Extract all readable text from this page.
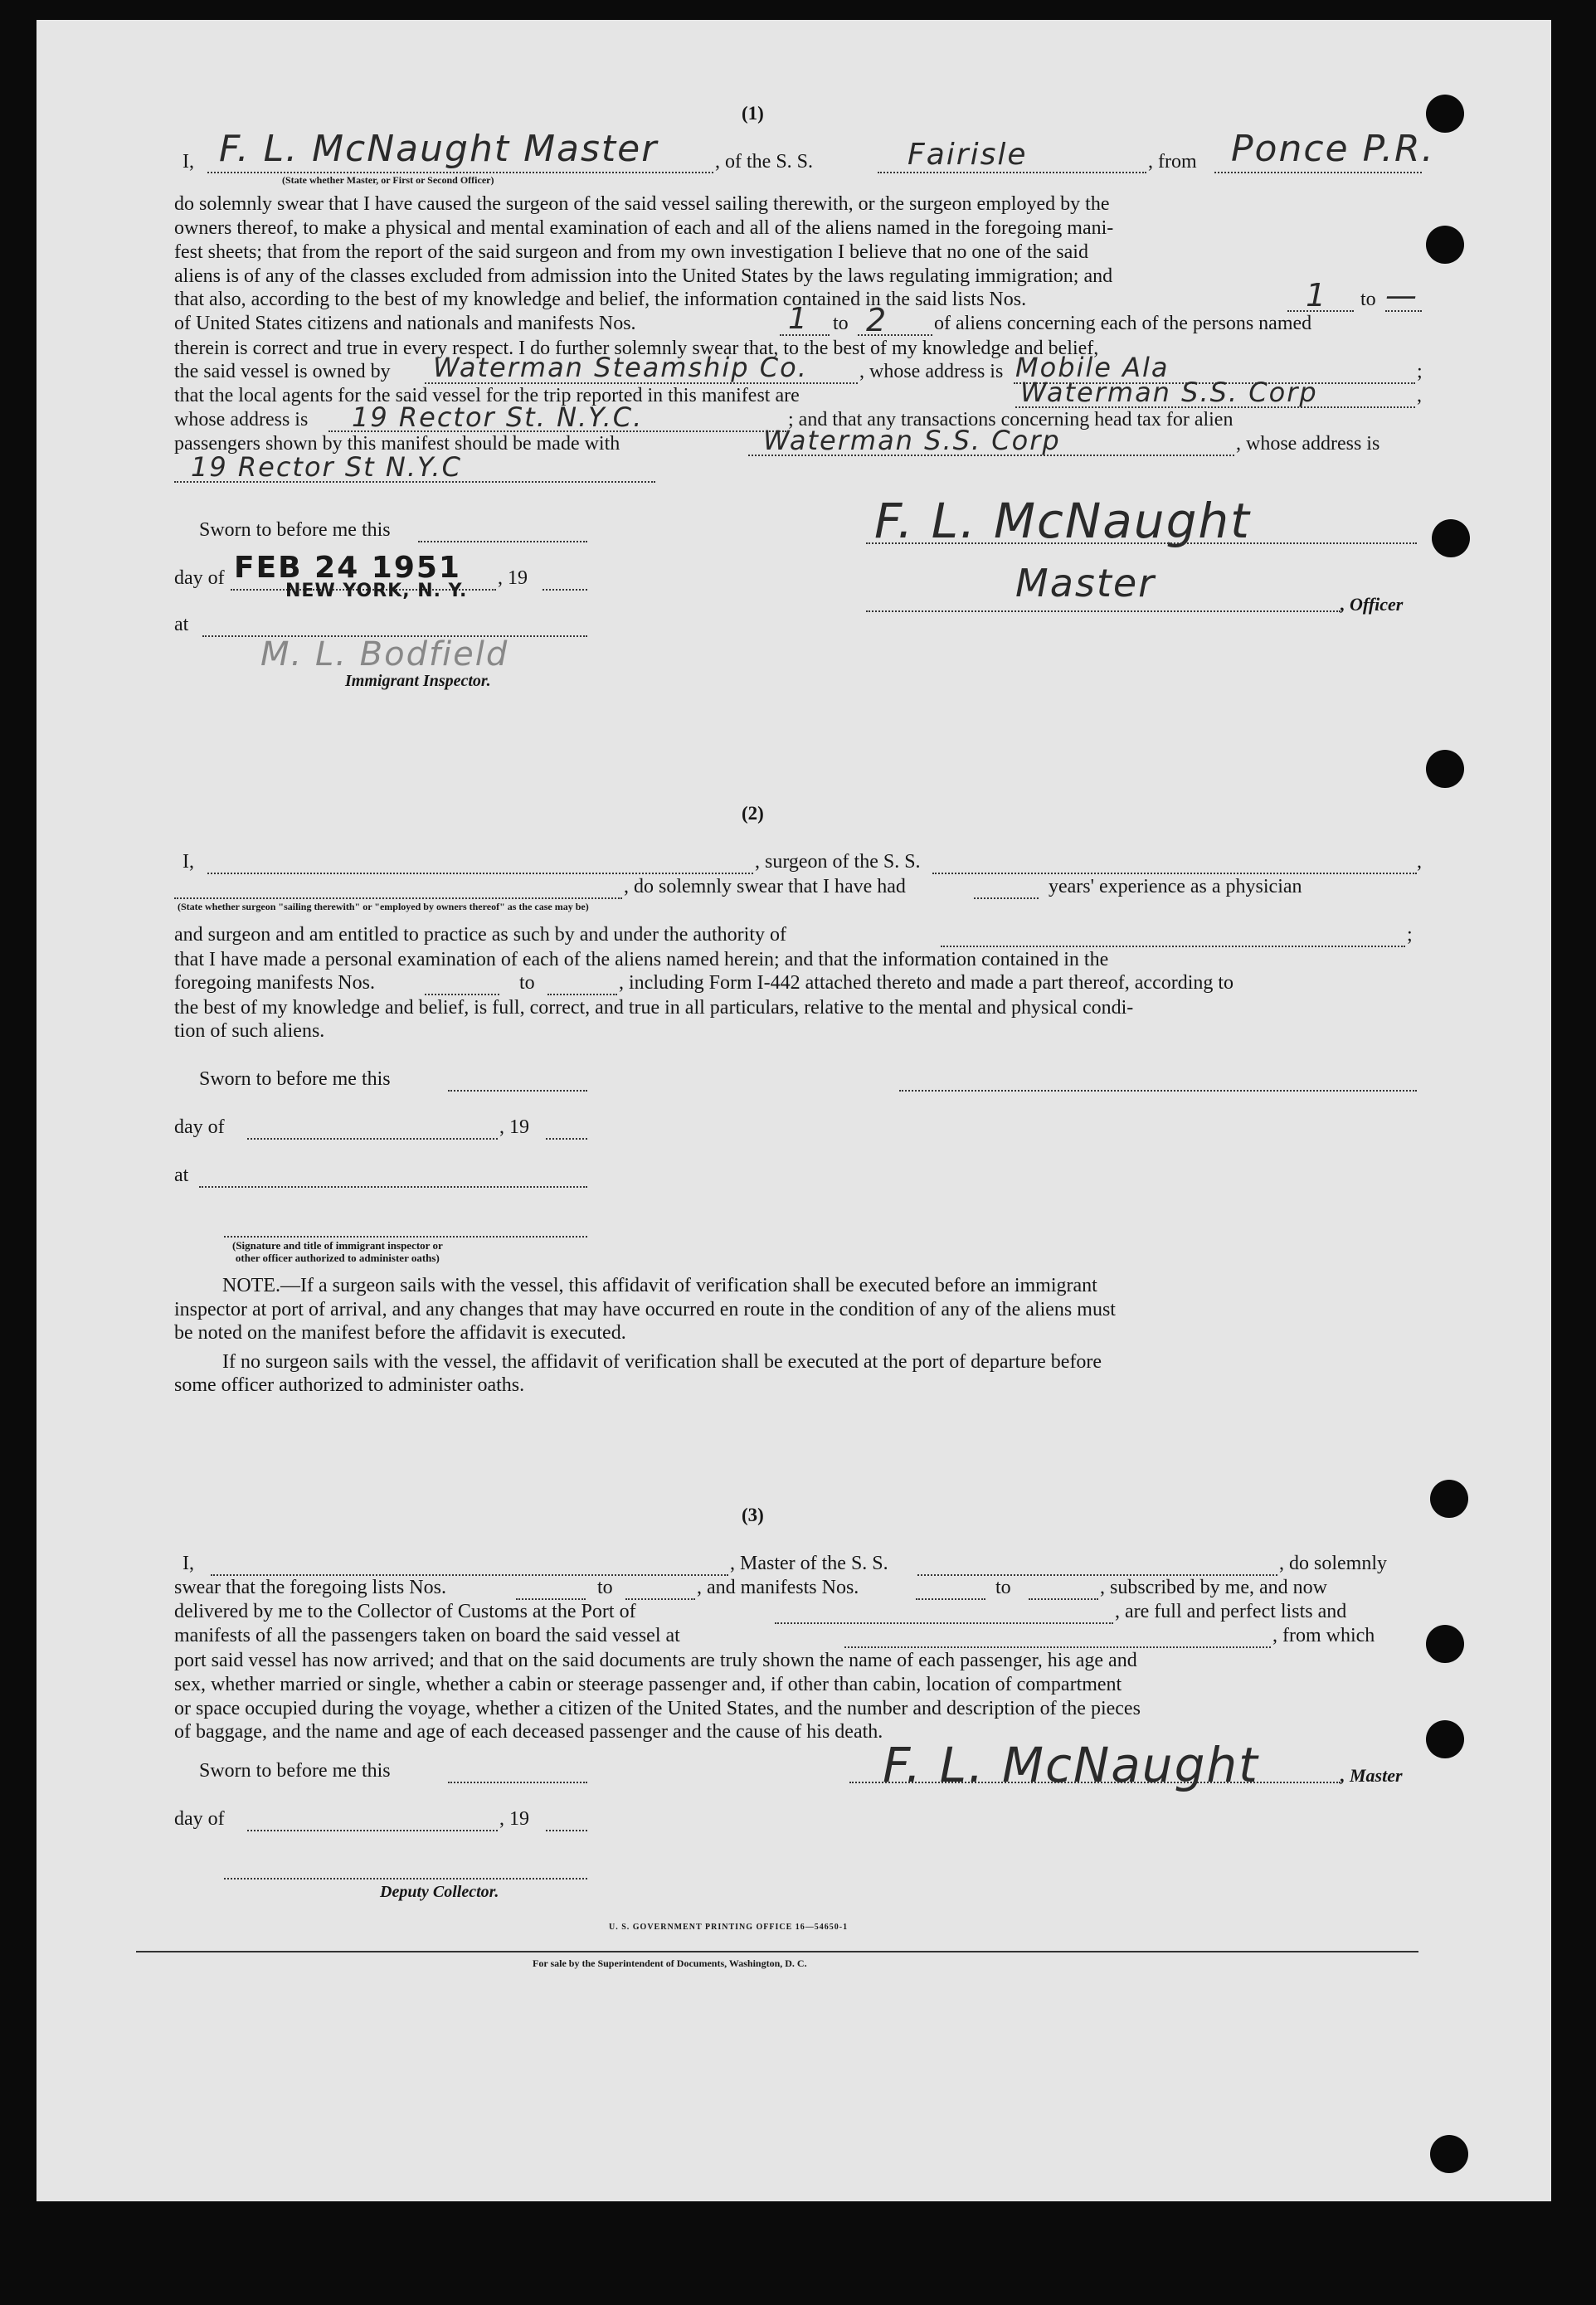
(1)
I, F. L. McNaught Master
(State whether Master, or First or Second Officer)
, of the S. S.	Fairisle	, from Ponce P.R.
do solemnly swear that I have caused the surgeon of the said vessel sailing therewith, or the surgeon employed by the
owners thereof, to make a physical and mental examination of each and all of the aliens named in the foregoing mani-
fest sheets; that from the report of the said surgeon and from my own investigation I believe that no one of the said
aliens is of any of the classes excluded from admission into the United States by the laws regulating immigration; and
that also, according to the best of my knowledge and belief, the information contained in the said lists Nos.	1 to —
of United States citizens and nationals and manifests Nos.	1 to 2 of aliens concerning each of the persons named
therein is correct and true in every respect. I do further solemnly swear that, to the best of my knowledge and belief,
the said vessel is owned by Waterman Steamship Co.	, whose address is Mobile Ala	;
that the local agents for the said vessel for the trip reported in this manifest are	Waterman S.S. Corp	,
whose address is 19 Rector St. N.Y.C.	; and that any transactions concerning head tax for alien
passengers shown by this manifest should be made with	Waterman S.S. Corp	, whose address is
19 Rector St N.Y.C
Sworn to before me this
day of FEB 24 1951
NEW YORK, N. Y.
, 19
at
M. L. Bodfield
Immigrant Inspector.
F. L. McNaught
Master	, Officer
(2)
I,	, surgeon of the S. S.	,
, do solemnly swear that I have had	years' experience as a physician
(State whether surgeon "sailing therewith" or "employed by owners thereof" as the case may be)
and surgeon and am entitled to practice as such by and under the authority of	;
that I have made a personal examination of each of the aliens named herein; and that the information contained in the
foregoing manifests Nos.	to	, including Form I-442 attached thereto and made a part thereof, according to
the best of my knowledge and belief, is full, correct, and true in all particulars, relative to the mental and physical condi-
tion of such aliens.
Sworn to before me this
day of	, 19
at
(Signature and title of immigrant inspector or
other officer authorized to administer oaths)
NOTE.—If a surgeon sails with the vessel, this affidavit of verification shall be executed before an immigrant
inspector at port of arrival, and any changes that may have occurred en route in the condition of any of the aliens must
be noted on the manifest before the affidavit is executed.
If no surgeon sails with the vessel, the affidavit of verification shall be executed at the port of departure before
some officer authorized to administer oaths.
(3)
I,	, Master of the S. S.	, do solemnly
swear that the foregoing lists Nos.	to	, and manifests Nos.	to	, subscribed by me, and now
delivered by me to the Collector of Customs at the Port of	, are full and perfect lists and
manifests of all the passengers taken on board the said vessel at	, from which
port said vessel has now arrived; and that on the said documents are truly shown the name of each passenger, his age and
sex, whether married or single, whether a cabin or steerage passenger and, if other than cabin, location of compartment
or space occupied during the voyage, whether a citizen of the United States, and the number and description of the pieces
of baggage, and the name and age of each deceased passenger and the cause of his death.
Sworn to before me this	F. L. McNaught	, Master
day of	, 19
Deputy Collector.
U. S. GOVERNMENT PRINTING OFFICE 16—54650-1
For sale by the Superintendent of Documents, Washington, D. C.
